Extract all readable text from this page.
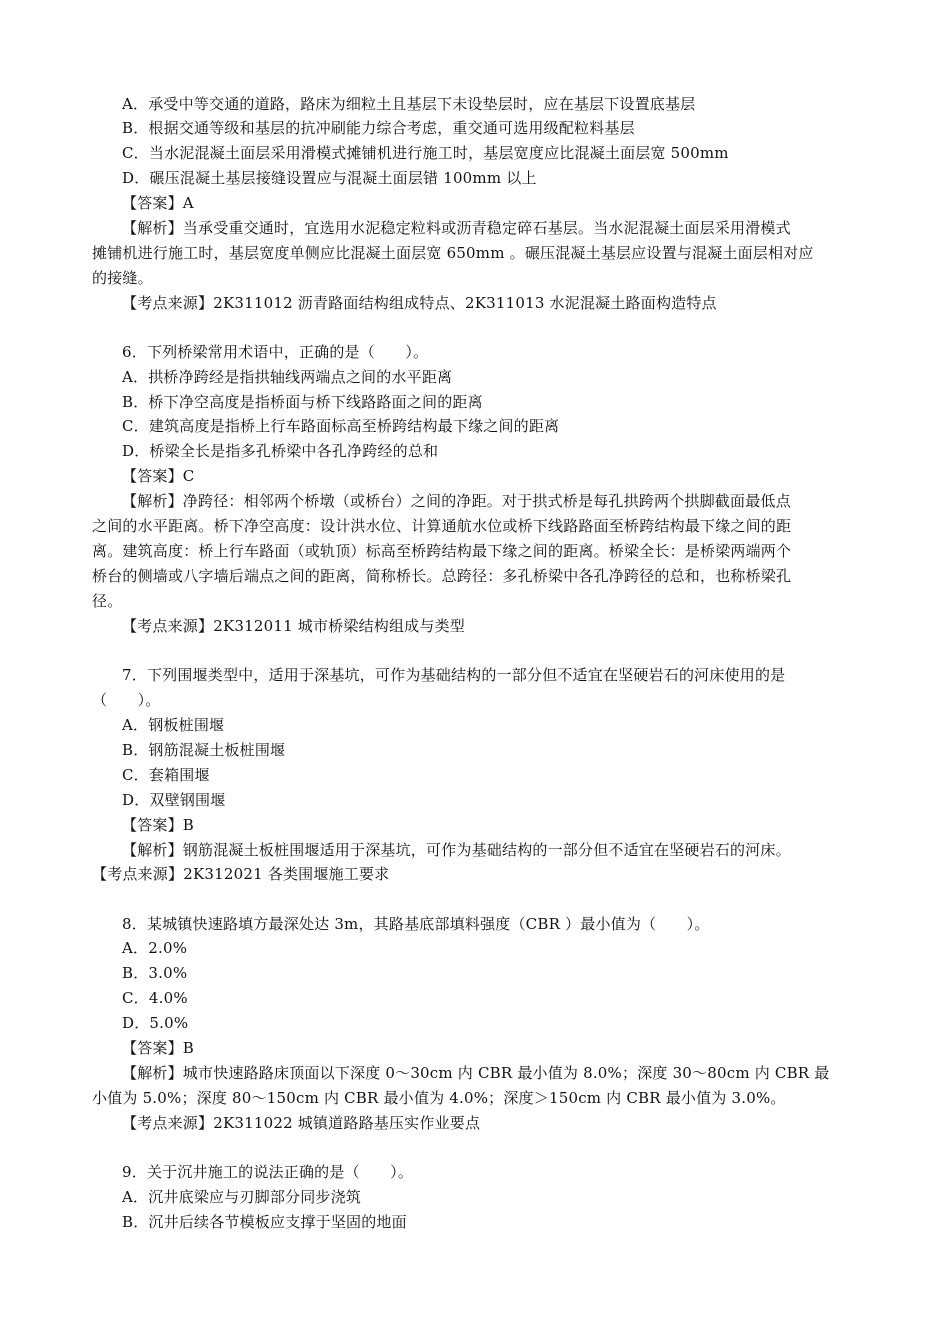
A．承受中等交通的道路，路床为细粒土且基层下未设垫层时，应在基层下设置底基层
B．根据交通等级和基层的抗冲刷能力综合考虑，重交通可选用级配粒料基层
C．当水泥混凝土面层采用滑模式摊铺机进行施工时，基层宽度应比混凝土面层宽 500mm
D．碾压混凝土基层接缝设置应与混凝土面层错 100mm 以上
【答案】A
【解析】当承受重交通时，宜选用水泥稳定粒料或沥青稳定碎石基层。当水泥混凝土面层采用滑模式
摊铺机进行施工时，基层宽度单侧应比混凝土面层宽 650mm 。碾压混凝土基层应设置与混凝土面层相对应
的接缝。
【考点来源】2K311012 沥青路面结构组成特点、2K311013 水泥混凝土路面构造特点
6．下列桥梁常用术语中，正确的是（　　）。
A．拱桥净跨经是指拱轴线两端点之间的水平距离
B．桥下净空高度是指桥面与桥下线路路面之间的距离
C．建筑高度是指桥上行车路面标高至桥跨结构最下缘之间的距离
D．桥梁全长是指多孔桥梁中各孔净跨经的总和
【答案】C
【解析】净跨径：相邻两个桥墩（或桥台）之间的净距。对于拱式桥是每孔拱跨两个拱脚截面最低点
之间的水平距离。桥下净空高度：设计洪水位、计算通航水位或桥下线路路面至桥跨结构最下缘之间的距
离。建筑高度：桥上行车路面（或轨顶）标高至桥跨结构最下缘之间的距离。桥梁全长：是桥梁两端两个
桥台的侧墙或八字墙后端点之间的距离，简称桥长。总跨径：多孔桥梁中各孔净跨径的总和，也称桥梁孔
径。
【考点来源】2K312011 城市桥梁结构组成与类型
7．下列围堰类型中，适用于深基坑，可作为基础结构的一部分但不适宜在坚硬岩石的河床使用的是
（　　）。
A．钢板桩围堰
B．钢筋混凝土板桩围堰
C．套箱围堰
D．双壁钢围堰
【答案】B
【解析】钢筋混凝土板桩围堰适用于深基坑，可作为基础结构的一部分但不适宜在坚硬岩石的河床。
【考点来源】2K312021 各类围堰施工要求
8．某城镇快速路填方最深处达 3m，其路基底部填料强度（CBR ）最小值为（　　）。
A．2.0%
B．3.0%
C．4.0%
D．5.0%
【答案】B
【解析】城市快速路路床顶面以下深度 0～30cm 内 CBR 最小值为 8.0%；深度 30～80cm 内 CBR 最
小值为 5.0%；深度 80～150cm 内 CBR 最小值为 4.0%；深度＞150cm 内 CBR 最小值为 3.0%。
【考点来源】2K311022 城镇道路路基压实作业要点
9．关于沉井施工的说法正确的是（　　）。
A．沉井底梁应与刃脚部分同步浇筑
B．沉井后续各节模板应支撑于坚固的地面
